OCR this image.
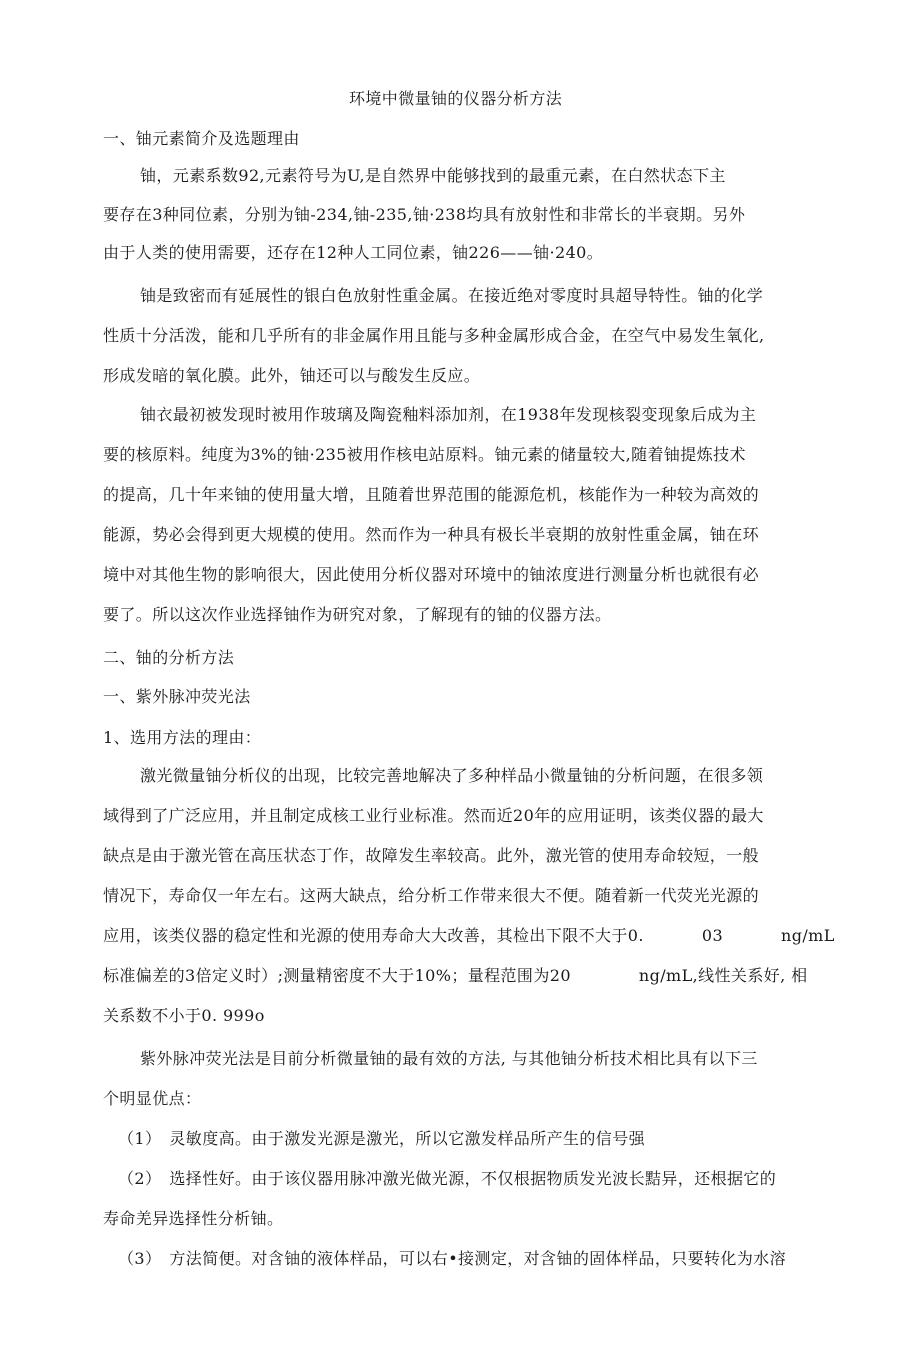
环境中微量铀的仪器分析方法
一、铀元素简介及选题理由
铀，元素系数92,元素符号为U,是自然界中能够找到的最重元素，在白然状态下主
要存在3种同位素，分别为铀-234,铀-235,铀·238均具有放射性和非常长的半衰期。另外
由于人类的使用需要，还存在12种人工同位素，铀226——铀·240。
铀是致密而有延展性的银白色放射性重金属。在接近绝对零度时具超导特性。铀的化学
性质十分活泼，能和几乎所有的非金属作用且能与多种金属形成合金，在空气中易发生氧化,
形成发暗的氧化膜。此外，铀还可以与酸发生反应。
铀衣最初被发现时被用作玻璃及陶瓷釉料添加剂，在1938年发现核裂变现象后成为主
要的核原料。纯度为3%的铀·235被用作核电站原料。铀元素的储量较大,随着铀提炼技术
的提高，几十年来铀的使用量大增，且随着世界范围的能源危机，核能作为一种较为高效的
能源，势必会得到更大规模的使用。然而作为一种具有极长半衰期的放射性重金属，铀在环
境中对其他生物的影响很大，因此使用分析仪器对环境中的铀浓度进行测量分析也就很有必
要了。所以这次作业选择铀作为研究对象，了解现有的铀的仪器方法。
二、铀的分析方法
一、紫外脉冲荧光法
1、选用方法的理由：
激光微量铀分析仪的出现，比较完善地解决了多种样品小微量铀的分析问题，在很多领
域得到了广泛应用，并且制定成核工业行业标准。然而近20年的应用证明，该类仪器的最大
缺点是由于激光管在高压状态丁作，故障发生率较高。此外，激光管的使用寿命较短，一般
情况下，寿命仅一年左右。这两大缺点，给分析工作带来很大不便。随着新一代荧光光源的
应用，该类仪器的稳定性和光源的使用寿命大大改善，其检出下限不大于0.	03	ng/mL
标准偏差的3倍定义时）;测量精密度不大于10%；量程范围为20	ng/mL,线性关系好, 相
关系数不小于0. 999o
紫外脉冲荧光法是目前分析微量铀的最有效的方法, 与其他铀分析技术相比具有以下三
个明显优点：
（1） 灵敏度高。由于激发光源是激光，所以它激发样品所产生的信号强
（2） 选择性好。由于该仪器用脉冲激光做光源，不仅根据物质发光波长黠异，还根据它的
寿命羌异选择性分析铀。
（3） 方法简便。对含铀的液体样品，可以右•接测定，对含铀的固体样品，只要转化为水溶
